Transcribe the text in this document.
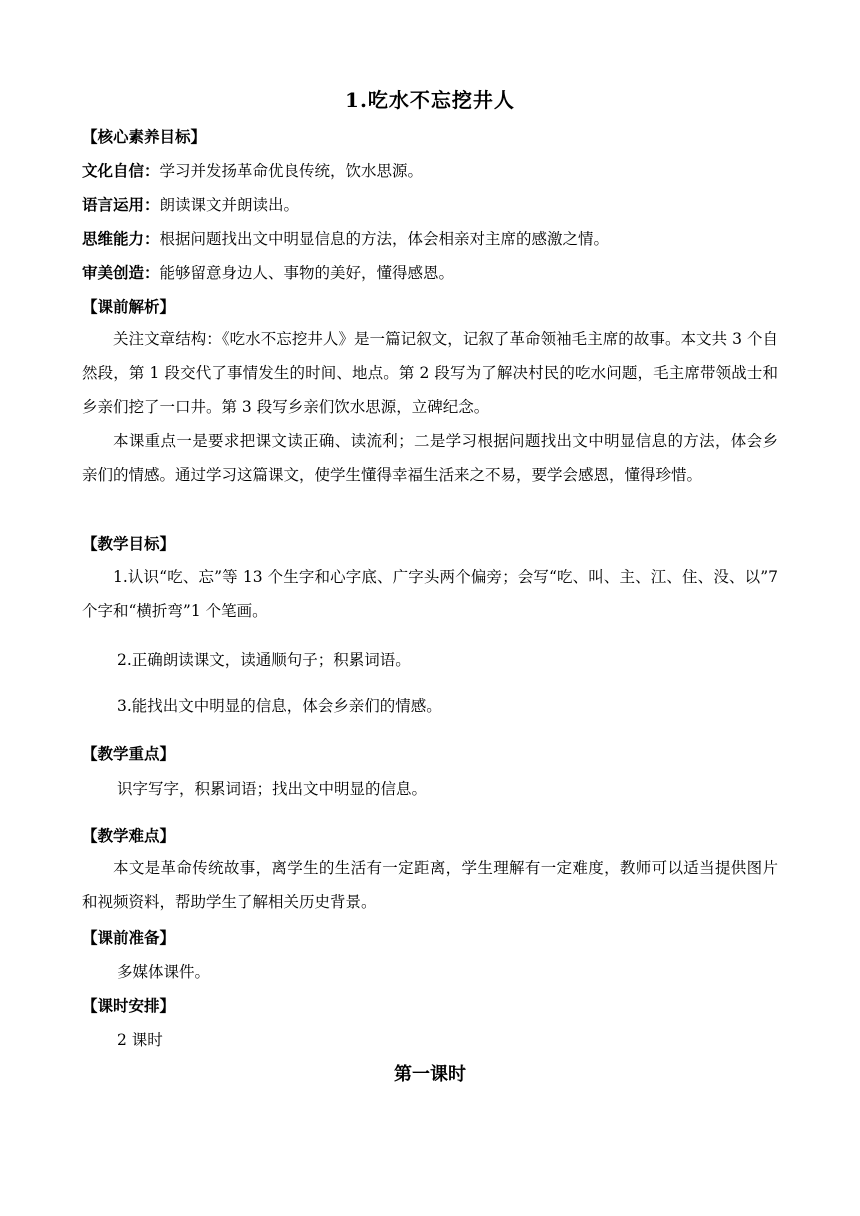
1.吃水不忘挖井人
【核心素养目标】
文化自信：学习并发扬革命优良传统，饮水思源。
语言运用：朗读课文并朗读出。
思维能力：根据问题找出文中明显信息的方法，体会相亲对主席的感激之情。
审美创造：能够留意身边人、事物的美好，懂得感恩。
【课前解析】
关注文章结构：《吃水不忘挖井人》是一篇记叙文，记叙了革命领袖毛主席的故事。本文共 3 个自然段，第 1 段交代了事情发生的时间、地点。第 2 段写为了解决村民的吃水问题，毛主席带领战士和乡亲们挖了一口井。第 3 段写乡亲们饮水思源，立碑纪念。
本课重点一是要求把课文读正确、读流利；二是学习根据问题找出文中明显信息的方法，体会乡亲们的情感。通过学习这篇课文，使学生懂得幸福生活来之不易，要学会感恩，懂得珍惜。
【教学目标】
1.认识“吃、忘”等 13 个生字和心字底、广字头两个偏旁；会写“吃、叫、主、江、住、没、以”7 个字和“横折弯”1 个笔画。
2.正确朗读课文，读通顺句子；积累词语。
3.能找出文中明显的信息，体会乡亲们的情感。
【教学重点】
识字写字，积累词语；找出文中明显的信息。
【教学难点】
本文是革命传统故事，离学生的生活有一定距离，学生理解有一定难度，教师可以适当提供图片和视频资料，帮助学生了解相关历史背景。
【课前准备】
多媒体课件。
【课时安排】
2 课时
第一课时
